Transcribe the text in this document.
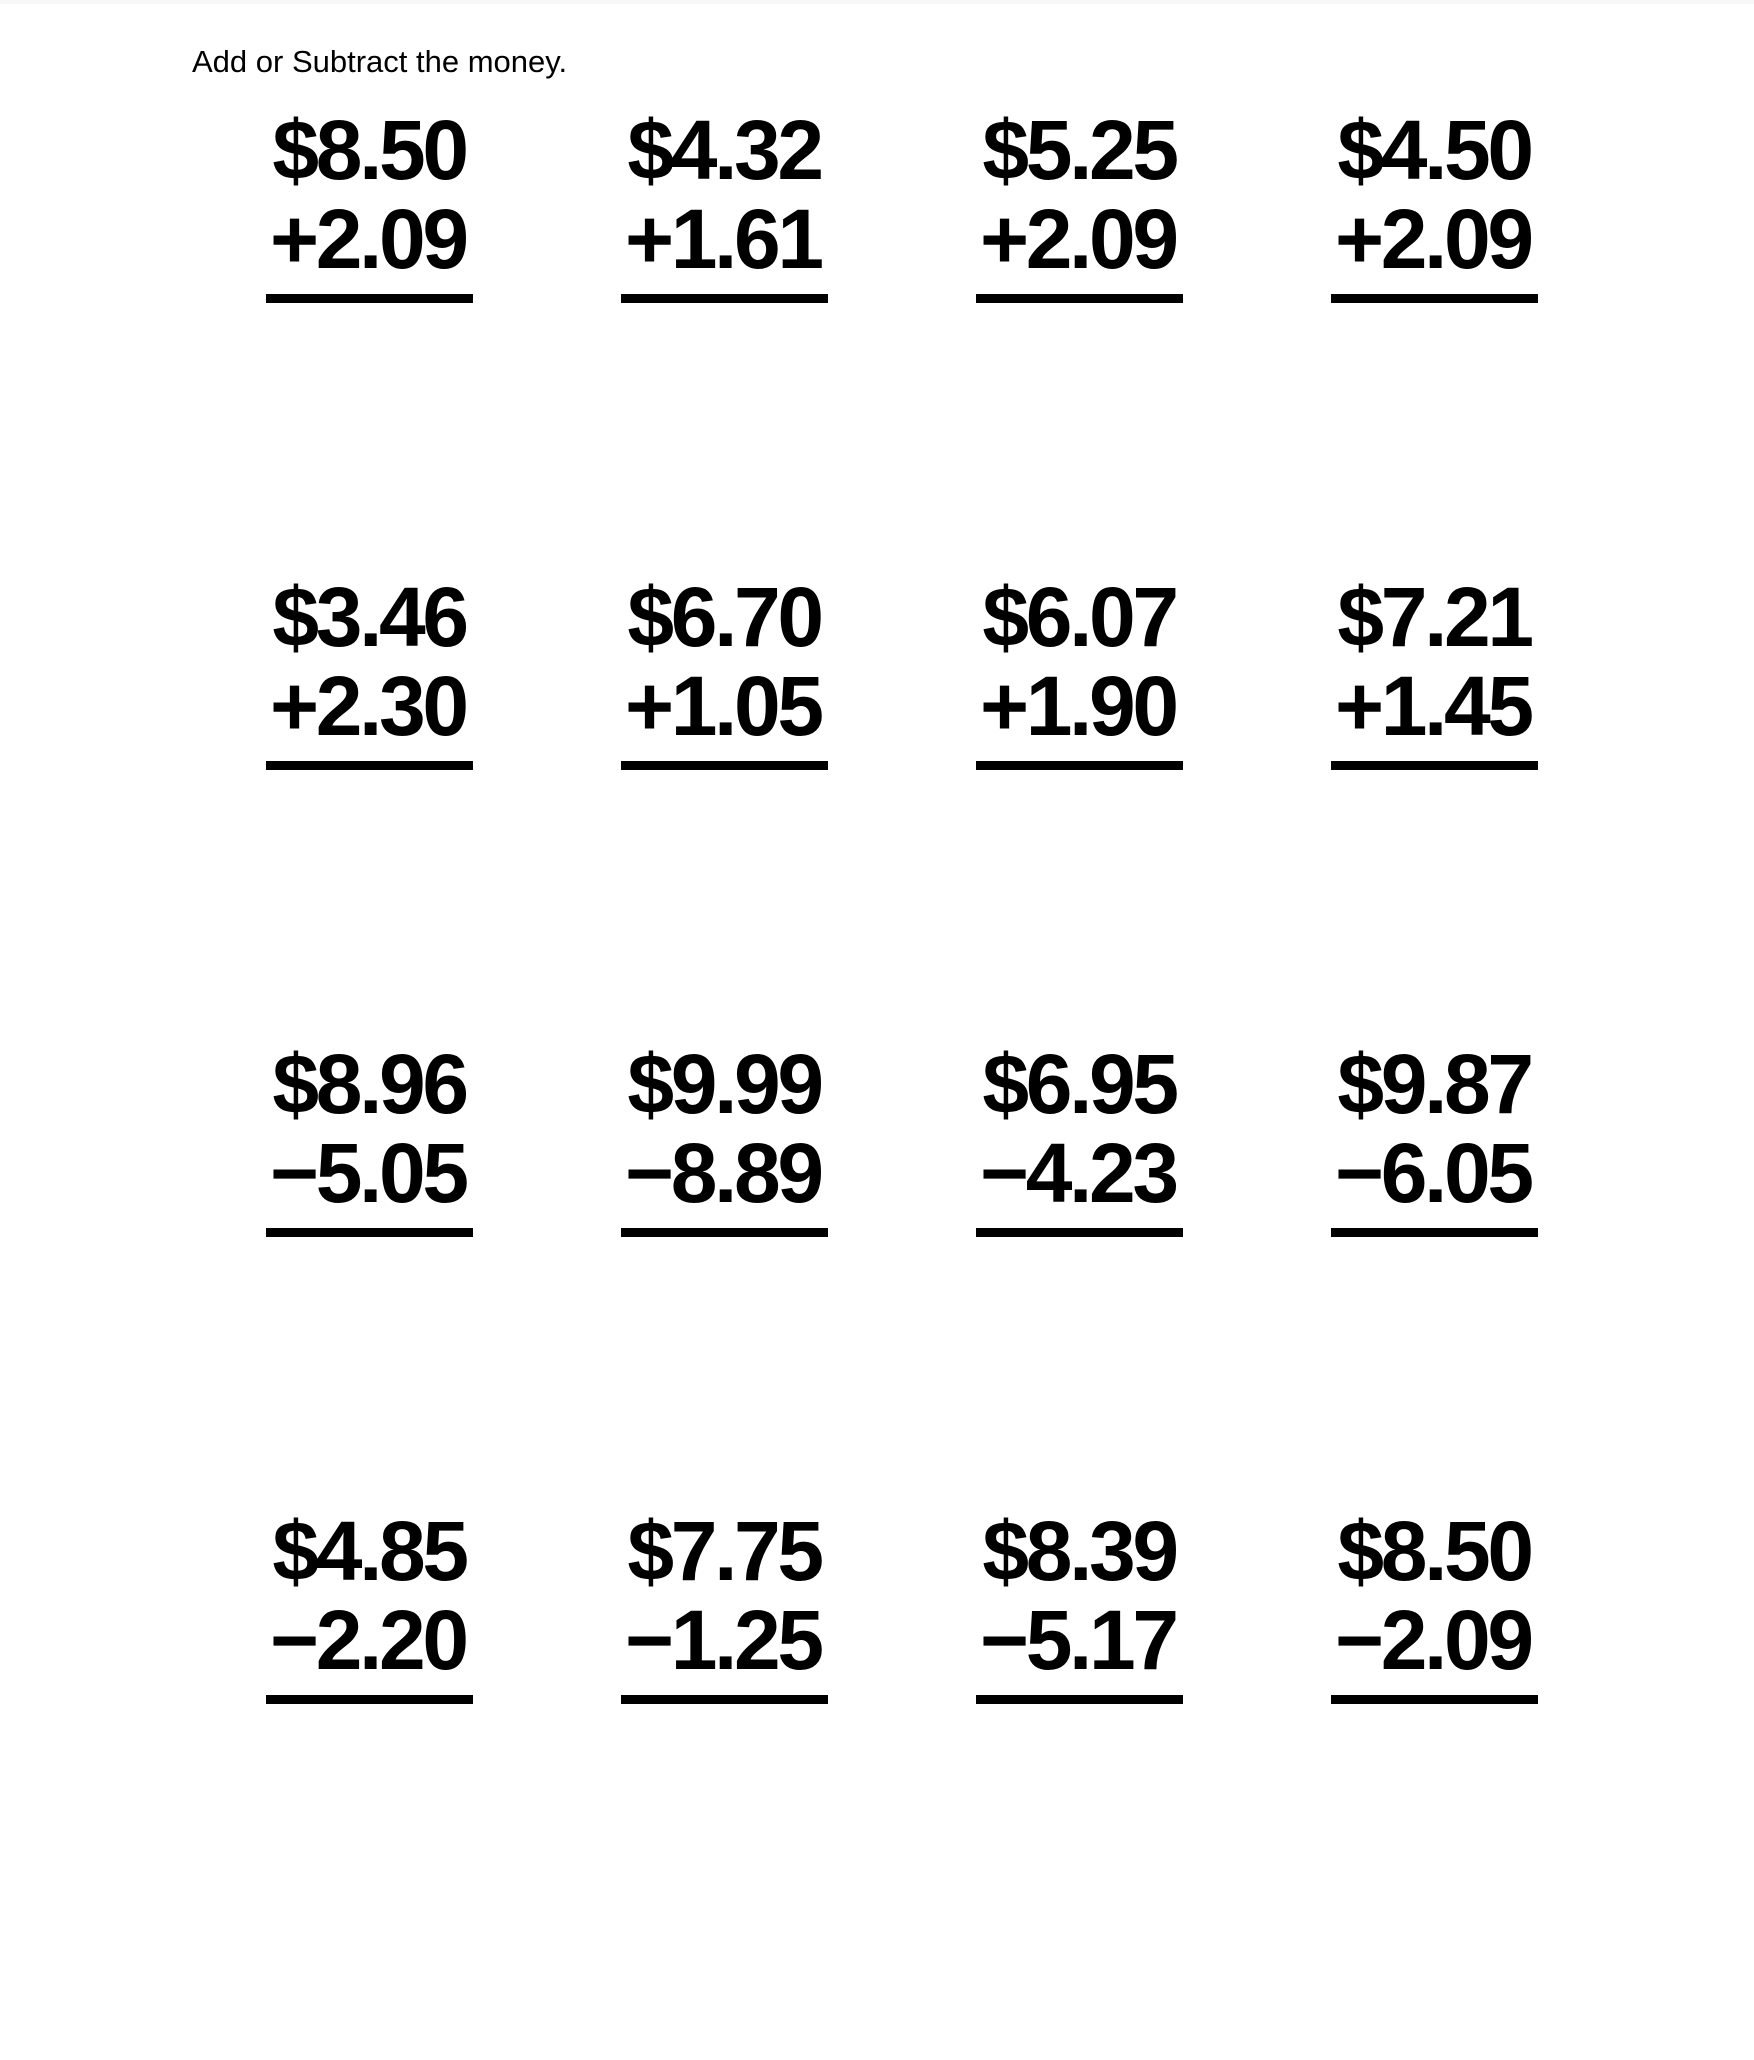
Add or Subtract the money.
$8.50
+2.09
$4.32
+1.61
$5.25
+2.09
$4.50
+2.09
$3.46
+2.30
$6.70
+1.05
$6.07
+1.90
$7.21
+1.45
$8.96
−5.05
$9.99
−8.89
$6.95
−4.23
$9.87
−6.05
$4.85
−2.20
$7.75
−1.25
$8.39
−5.17
$8.50
−2.09
